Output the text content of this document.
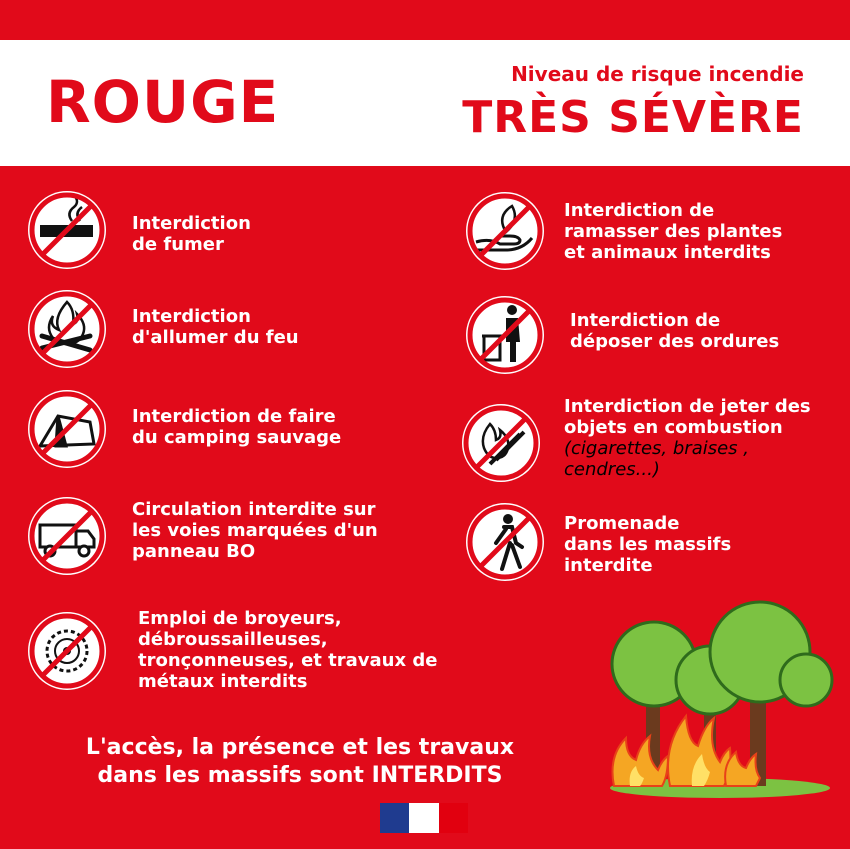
ROUGE	Niveau de risque incendie
TRÈS SÉVÈRE
Interdiction
de fumer
Interdiction
d'allumer du feu
Interdiction de faire
du camping sauvage
Circulation interdite sur
les voies marquées d'un
panneau BO
Emploi de broyeurs,
débroussailleuses,
tronçonneuses, et travaux de
métaux interdits
Interdiction de
ramasser des plantes
et animaux interdits
Interdiction de
déposer des ordures
Interdiction de jeter des
objets en combustion
(cigarettes, braises ,
cendres...)
Promenade
dans les massifs
interdite
L'accès, la présence et les travaux
dans les massifs sont INTERDITS
